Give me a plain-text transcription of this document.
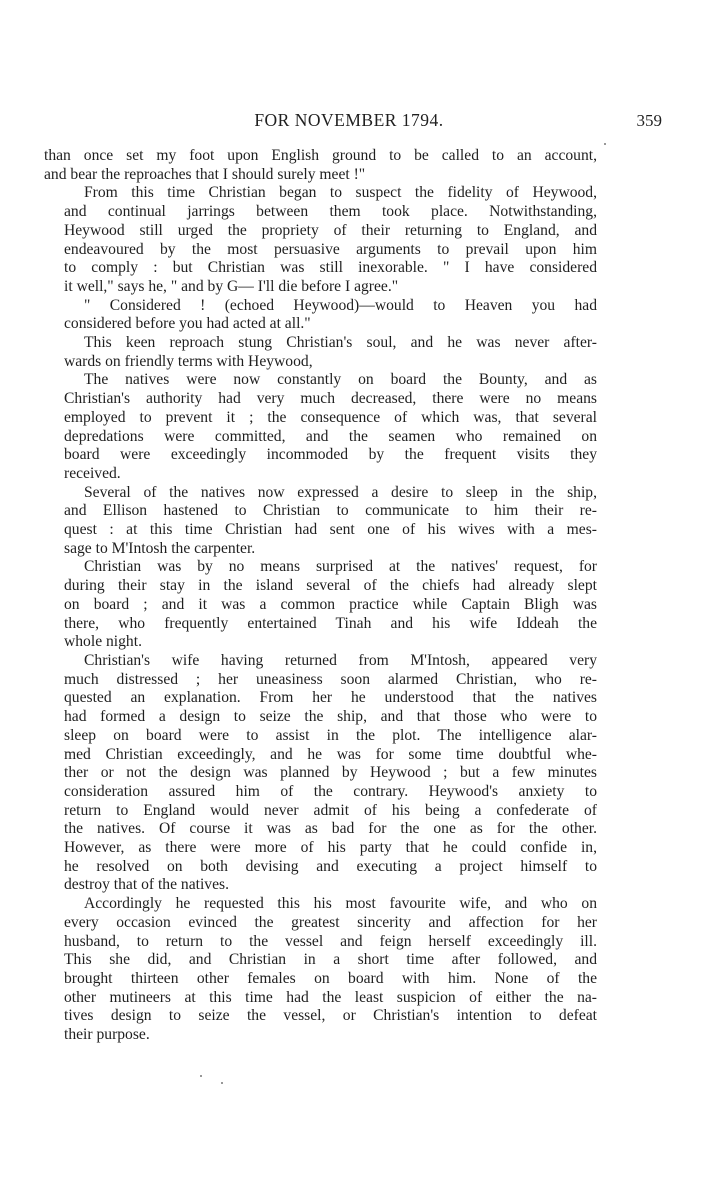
FOR NOVEMBER 1794.	359

than once set my foot upon English ground to be called to an account,
and bear the reproaches that I should surely meet !"

From this time Christian began to suspect the fidelity of Heywood,
and continual jarrings between them took place. Notwithstanding,
Heywood still urged the propriety of their returning to England, and
endeavoured by the most persuasive arguments to prevail upon him
to comply : but Christian was still inexorable. " I have considered
it well," says he, " and by G— I'll die before I agree."

" Considered ! (echoed Heywood)—would to Heaven you had
considered before you had acted at all."

This keen reproach stung Christian's soul, and he was never after-
wards on friendly terms with Heywood,

The natives were now constantly on board the Bounty, and as
Christian's authority had very much decreased, there were no means
employed to prevent it ; the consequence of which was, that several
depredations were committed, and the seamen who remained on
board were exceedingly incommoded by the frequent visits they
received.

Several of the natives now expressed a desire to sleep in the ship,
and Ellison hastened to Christian to communicate to him their re-
quest : at this time Christian had sent one of his wives with a mes-
sage to M'Intosh the carpenter.

Christian was by no means surprised at the natives' request, for
during their stay in the island several of the chiefs had already slept
on board ; and it was a common practice while Captain Bligh was
there, who frequently entertained Tinah and his wife Iddeah the
whole night.

Christian's wife having returned from M'Intosh, appeared very
much distressed ; her uneasiness soon alarmed Christian, who re-
quested an explanation. From her he understood that the natives
had formed a design to seize the ship, and that those who were to
sleep on board were to assist in the plot. The intelligence alar-
med Christian exceedingly, and he was for some time doubtful whe-
ther or not the design was planned by Heywood ; but a few minutes
consideration assured him of the contrary. Heywood's anxiety to
return to England would never admit of his being a confederate of
the natives. Of course it was as bad for the one as for the other.
However, as there were more of his party that he could confide in,
he resolved on both devising and executing a project himself to
destroy that of the natives.

Accordingly he requested this his most favourite wife, and who on
every occasion evinced the greatest sincerity and affection for her
husband, to return to the vessel and feign herself exceedingly ill.
This she did, and Christian in a short time after followed, and
brought thirteen other females on board with him. None of the
other mutineers at this time had the least suspicion of either the na-
tives design to seize the vessel, or Christian's intention to defeat
their purpose.
